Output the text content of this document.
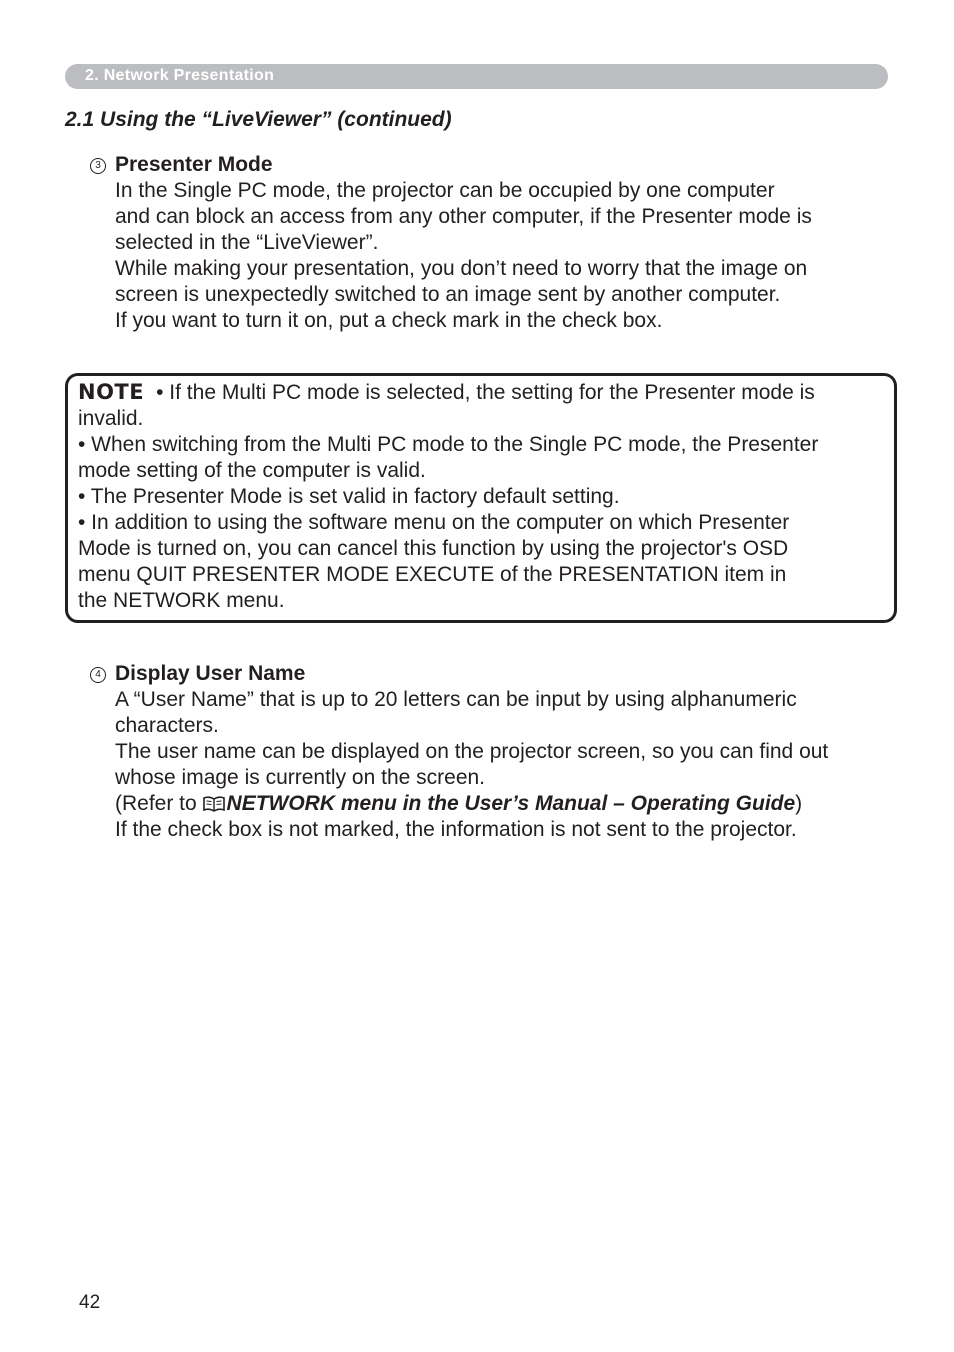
2. Network Presentation
2.1 Using the “LiveViewer” (continued)
3 Presenter Mode

In the Single PC mode, the projector can be occupied by one computer

and can block an access from any other computer, if the Presenter mode is

selected in the “LiveViewer”.

While making your presentation, you don’t need to worry that the image on

screen is unexpectedly switched to an image sent by another computer.

If you want to turn it on, put a check mark in the check box.

NOTE • If the Multi PC mode is selected, the setting for the Presenter mode is

invalid.

• When switching from the Multi PC mode to the Single PC mode, the Presenter

mode setting of the computer is valid.

• The Presenter Mode is set valid in factory default setting.

• In addition to using the software menu on the computer on which Presenter

Mode is turned on, you can cancel this function by using the projector's OSD

menu QUIT PRESENTER MODE EXECUTE of the PRESENTATION item in

the NETWORK menu.

4 Display User Name

A “User Name” that is up to 20 letters can be input by using alphanumeric

characters.

The user name can be displayed on the projector screen, so you can find out

whose image is currently on the screen.

(Refer to NETWORK menu in the User’s Manual – Operating Guide)

If the check box is not marked, the information is not sent to the projector.

42
